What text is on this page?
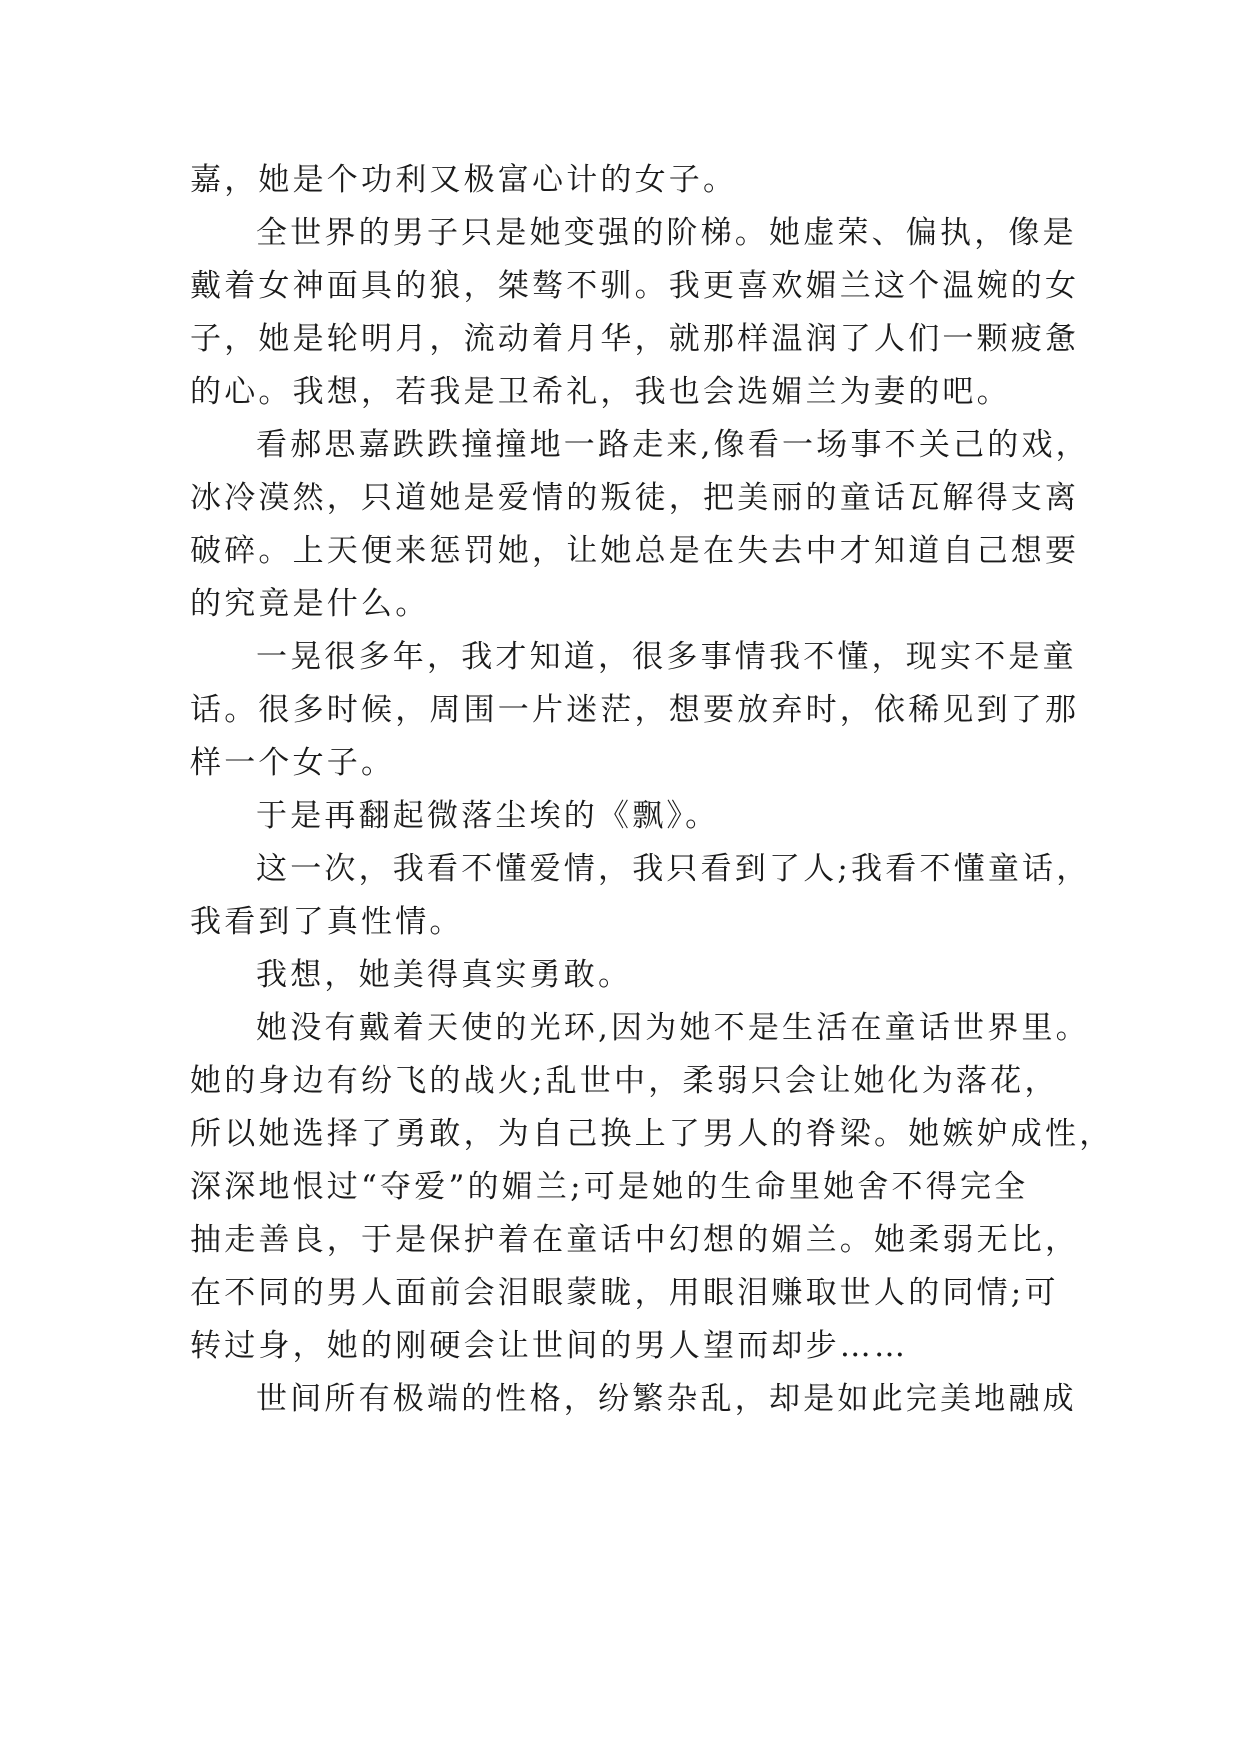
嘉，她是个功利又极富心计的女子。
全世界的男子只是她变强的阶梯。她虚荣、偏执，像是
戴着女神面具的狼，桀骜不驯。我更喜欢媚兰这个温婉的女
子，她是轮明月，流动着月华，就那样温润了人们一颗疲惫
的心。我想，若我是卫希礼，我也会选媚兰为妻的吧。
看郝思嘉跌跌撞撞地一路走来,像看一场事不关己的戏，
冰冷漠然，只道她是爱情的叛徒，把美丽的童话瓦解得支离
破碎。上天便来惩罚她，让她总是在失去中才知道自己想要
的究竟是什么。
一晃很多年，我才知道，很多事情我不懂，现实不是童
话。很多时候，周围一片迷茫，想要放弃时，依稀见到了那
样一个女子。
于是再翻起微落尘埃的《飘》。
这一次，我看不懂爱情，我只看到了人;我看不懂童话，
我看到了真性情。
我想，她美得真实勇敢。
她没有戴着天使的光环,因为她不是生活在童话世界里。
她的身边有纷飞的战火;乱世中，柔弱只会让她化为落花，
所以她选择了勇敢，为自己换上了男人的脊梁。她嫉妒成性，
深深地恨过“夺爱”的媚兰;可是她的生命里她舍不得完全
抽走善良，于是保护着在童话中幻想的媚兰。她柔弱无比，
在不同的男人面前会泪眼蒙眬，用眼泪赚取世人的同情;可
转过身，她的刚硬会让世间的男人望而却步……
世间所有极端的性格，纷繁杂乱，却是如此完美地融成
